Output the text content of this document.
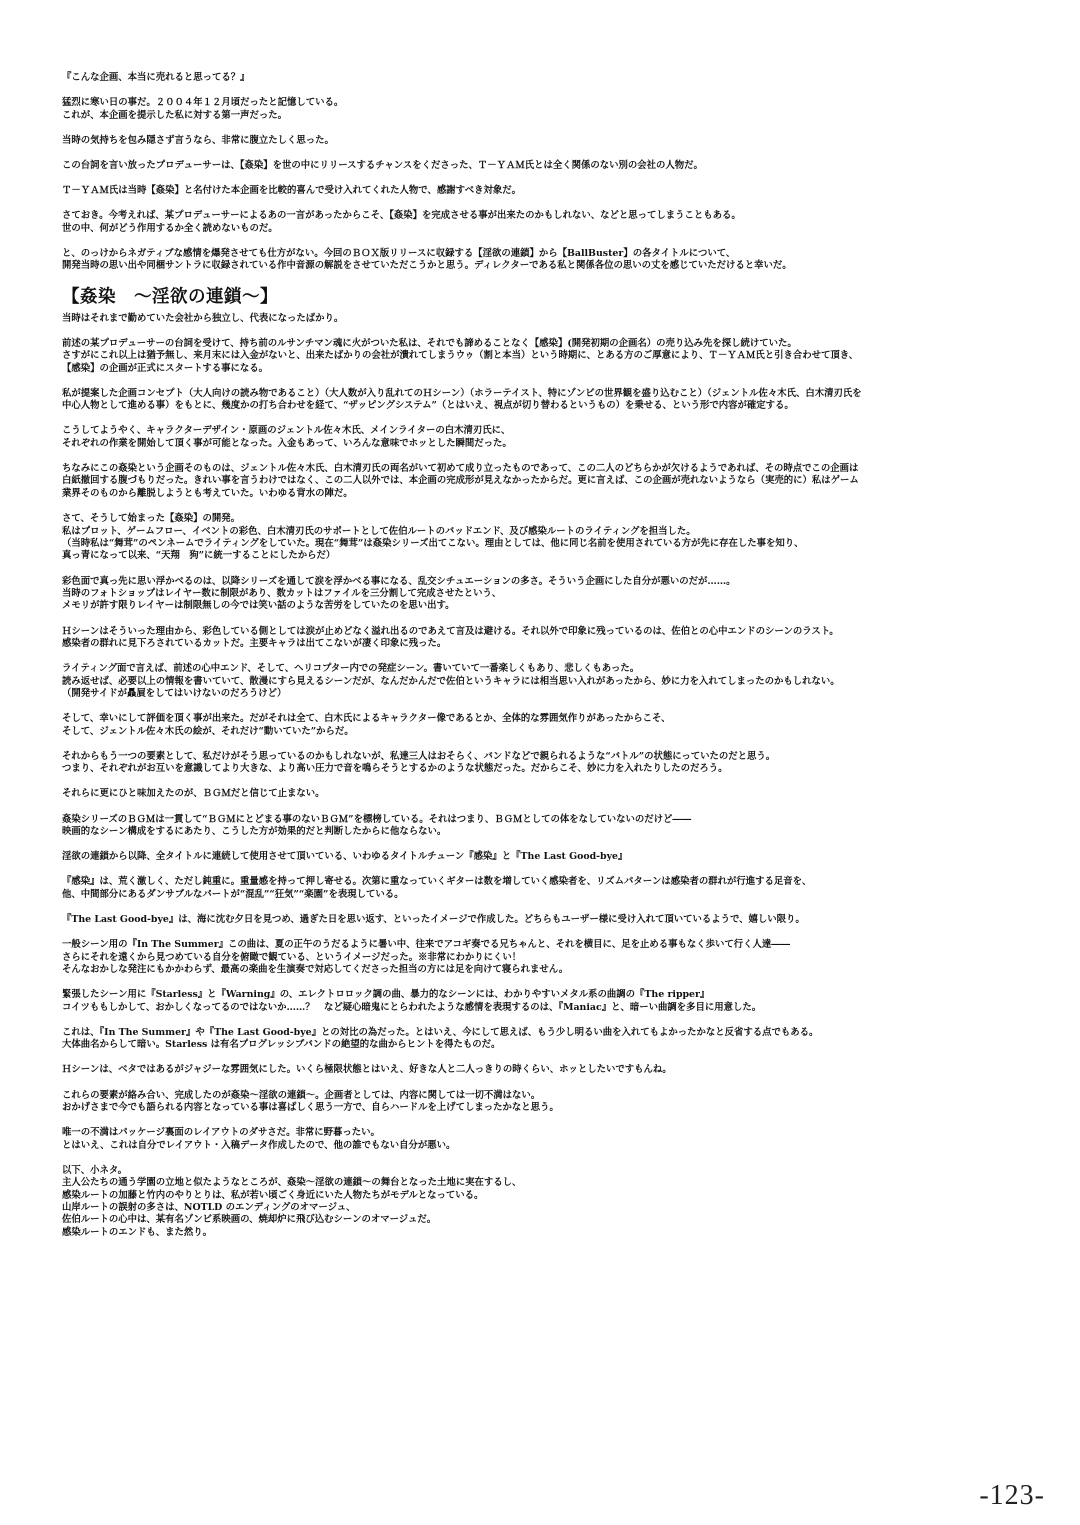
『こんな企画、本当に売れると思ってる？』
猛烈に寒い日の事だ。２００４年１２月頃だったと記憶している。
これが、本企画を提示した私に対する第一声だった。
当時の気持ちを包み隠さず言うなら、非常に腹立たしく思った。
この台詞を言い放ったプロデューサーは、【姦染】を世の中にリリースするチャンスをくださった、Ｔ－ＹＡＭ氏とは全く関係のない別の会社の人物だ。
Ｔ－ＹＡＭ氏は当時【姦染】と名付けた本企画を比較的喜んで受け入れてくれた人物で、感謝すべき対象だ。
さておき。今考えれば、某プロデューサーによるあの一言があったからこそ、【姦染】を完成させる事が出来たのかもしれない、などと思ってしまうこともある。
世の中、何がどう作用するか全く読めないものだ。
と、のっけからネガティブな感情を爆発させても仕方がない。今回のＢＯＸ版リリースに収録する【淫欲の連鎖】から【BallBuster】の各タイトルについて、
開発当時の思い出や同梱サントラに収録されている作中音源の解説をさせていただこうかと思う。ディレクターである私と関係各位の思いの丈を感じていただけると幸いだ。
【姦染　～淫欲の連鎖～】
当時はそれまで勤めていた会社から独立し、代表になったばかり。
前述の某プロデューサーの台詞を受けて、持ち前のルサンチマン魂に火がついた私は、それでも諦めることなく【感染】(開発初期の企画名）の売り込み先を探し続けていた。
さすがにこれ以上は猶予無し、来月末には入金がないと、出来たばかりの会社が潰れてしまうウゥ（割と本当）という時期に、とある方のご厚意により、Ｔ－ＹＡＭ氏と引き合わせて頂き、
【感染】の企画が正式にスタートする事になる。
私が提案した企画コンセプト（大人向けの読み物であること）（大人数が入り乱れてのＨシーン）（ホラーテイスト、特にゾンビの世界観を盛り込むこと）（ジェントル佐々木氏、白木清刃氏を
中心人物として進める事）をもとに、幾度かの打ち合わせを経て、“ザッピングシステム”（とはいえ、視点が切り替わるというもの）を乗せる、という形で内容が確定する。
こうしてようやく、キャラクターデザイン・原画のジェントル佐々木氏、メインライターの白木清刃氏に、
それぞれの作業を開始して頂く事が可能となった。入金もあって、いろんな意味でホッとした瞬間だった。
ちなみにこの姦染という企画そのものは、ジェントル佐々木氏、白木清刃氏の両名がいて初めて成り立ったものであって、この二人のどちらかが欠けるようであれば、その時点でこの企画は
白紙撤回する腹づもりだった。きれい事を言うわけではなく、この二人以外では、本企画の完成形が見えなかったからだ。更に言えば、この企画が売れないようなら（実売的に）私はゲーム
業界そのものから離脱しようとも考えていた。いわゆる背水の陣だ。
さて、そうして始まった【姦染】の開発。
私はプロット、ゲームフロー、イベントの彩色、白木清刃氏のサポートとして佐伯ルートのバッドエンド、及び感染ルートのライティングを担当した。
（当時私は“舞茸”のペンネームでライティングをしていた。現在“舞茸”は姦染シリーズ出てこない。理由としては、他に同じ名前を使用されている方が先に存在した事を知り、
真っ青になって以来、“天翔　狗”に統一することにしたからだ）
彩色面で真っ先に思い浮かべるのは、以降シリーズを通して涙を浮かべる事になる、乱交シチュエーションの多さ。そういう企画にした自分が悪いのだが……。
当時のフォトショップはレイヤー数に制限があり、数カットはファイルを三分割して完成させたという、
メモリが許す限りレイヤーは制限無しの今では笑い話のような苦労をしていたのを思い出す。
Ｈシーンはそういった理由から、彩色している側としては涙が止めどなく溢れ出るのであえて言及は避ける。それ以外で印象に残っているのは、佐伯との心中エンドのシーンのラスト。
感染者の群れに見下ろされているカットだ。主要キャラは出てこないが凄く印象に残った。
ライティング面で言えば、前述の心中エンド、そして、ヘリコプター内での発症シーン。書いていて一番楽しくもあり、悲しくもあった。
読み返せば、必要以上の情報を書いていて、散漫にすら見えるシーンだが、なんだかんだで佐伯というキャラには相当思い入れがあったから、妙に力を入れてしまったのかもしれない。
（開発サイドが贔屓をしてはいけないのだろうけど）
そして、幸いにして評価を頂く事が出来た。だがそれは全て、白木氏によるキャラクター像であるとか、全体的な雰囲気作りがあったからこそ、
そして、ジェントル佐々木氏の絵が、それだけ“動いていた”からだ。
それからもう一つの要素として、私だけがそう思っているのかもしれないが、私達三人はおそらく、バンドなどで親られるような“バトル”の状態にっていたのだと思う。
つまり、それぞれがお互いを意識してより大きな、より高い圧力で音を鳴らそうとするかのような状態だった。だからこそ、妙に力を入れたりしたのだろう。
それらに更にひと味加えたのが、ＢＧＭだと信じて止まない。
姦染シリーズのＢＧＭは一貫して“ＢＧＭにとどまる事のないＢＧＭ”を標榜している。それはつまり、ＢＧＭとしての体をなしていないのだけど――
映画的なシーン構成をするにあたり、こうした方が効果的だと判断したからに他ならない。
淫欲の連鎖から以降、全タイトルに連続して使用させて頂いている、いわゆるタイトルチューン『感染』と『The Last Good-bye』
『感染』は、荒く激しく、ただし鈍重に。重量感を持って押し寄せる。次第に重なっていくギターは数を増していく感染者を、リズムパターンは感染者の群れが行進する足音を、
他、中間部分にあるダンサブルなパートが“混乱”“狂気”“楽園”を表現している。
『The Last Good-bye』は、海に沈む夕日を見つめ、過ぎた日を思い返す、といったイメージで作成した。どちらもユーザー様に受け入れて頂いているようで、嬉しい限り。
一般シーン用の『In The Summer』この曲は、夏の正午のうだるように暑い中、往来でアコギ奏でる兄ちゃんと、それを横目に、足を止める事もなく歩いて行く人達――
さらにそれを遠くから見つめている自分を俯瞰で観ている、というイメージだった。※非常にわかりにくい！
そんなおかしな発注にもかかわらず、最高の楽曲を生演奏で対応してくださった担当の方には足を向けて寝られません。
緊張したシーン用に『Starless』と『Warning』の、エレクトロロック調の曲、暴力的なシーンには、わかりやすいメタル系の曲調の『The ripper』
コイツももしかして、おかしくなってるのではないか……？　など疑心暗鬼にとらわれたような感情を表現するのは、『Maniac』と、暗ーい曲調を多目に用意した。
これは、『In The Summer』や『The Last Good-bye』との対比の為だった。とはいえ、今にして思えば、もう少し明るい曲を入れてもよかったかなと反省する点でもある。
大体曲名からして暗い。Starless は有名プログレッシブバンドの絶望的な曲からヒントを得たものだ。
Ｈシーンは、ベタではあるがジャジーな雰囲気にした。いくら極限状態とはいえ、好きな人と二人っきりの時くらい、ホッとしたいですもんね。
これらの要素が絡み合い、完成したのが姦染～淫欲の連鎖～。企画者としては、内容に関しては一切不満はない。
おかげさまで今でも語られる内容となっている事は喜ばしく思う一方で、自らハードルを上げてしまったかなと思う。
唯一の不満はパッケージ裏面のレイアウトのダサさだ。非常に野暮ったい。
とはいえ、これは自分でレイアウト・入稿データ作成したので、他の誰でもない自分が悪い。
以下、小ネタ。
主人公たちの通う学園の立地と似たようなところが、姦染～淫欲の連鎖～の舞台となった土地に実在するし、
感染ルートの加藤と竹内のやりとりは、私が若い頃ごく身近にいた人物たちがモデルとなっている。
山岸ルートの誤射の多さは、NOTLD のエンディングのオマージュ、
佐伯ルートの心中は、某有名ゾンビ系映画の、焼却炉に飛び込むシーンのオマージュだ。
感染ルートのエンドも、また然り。
-123-
